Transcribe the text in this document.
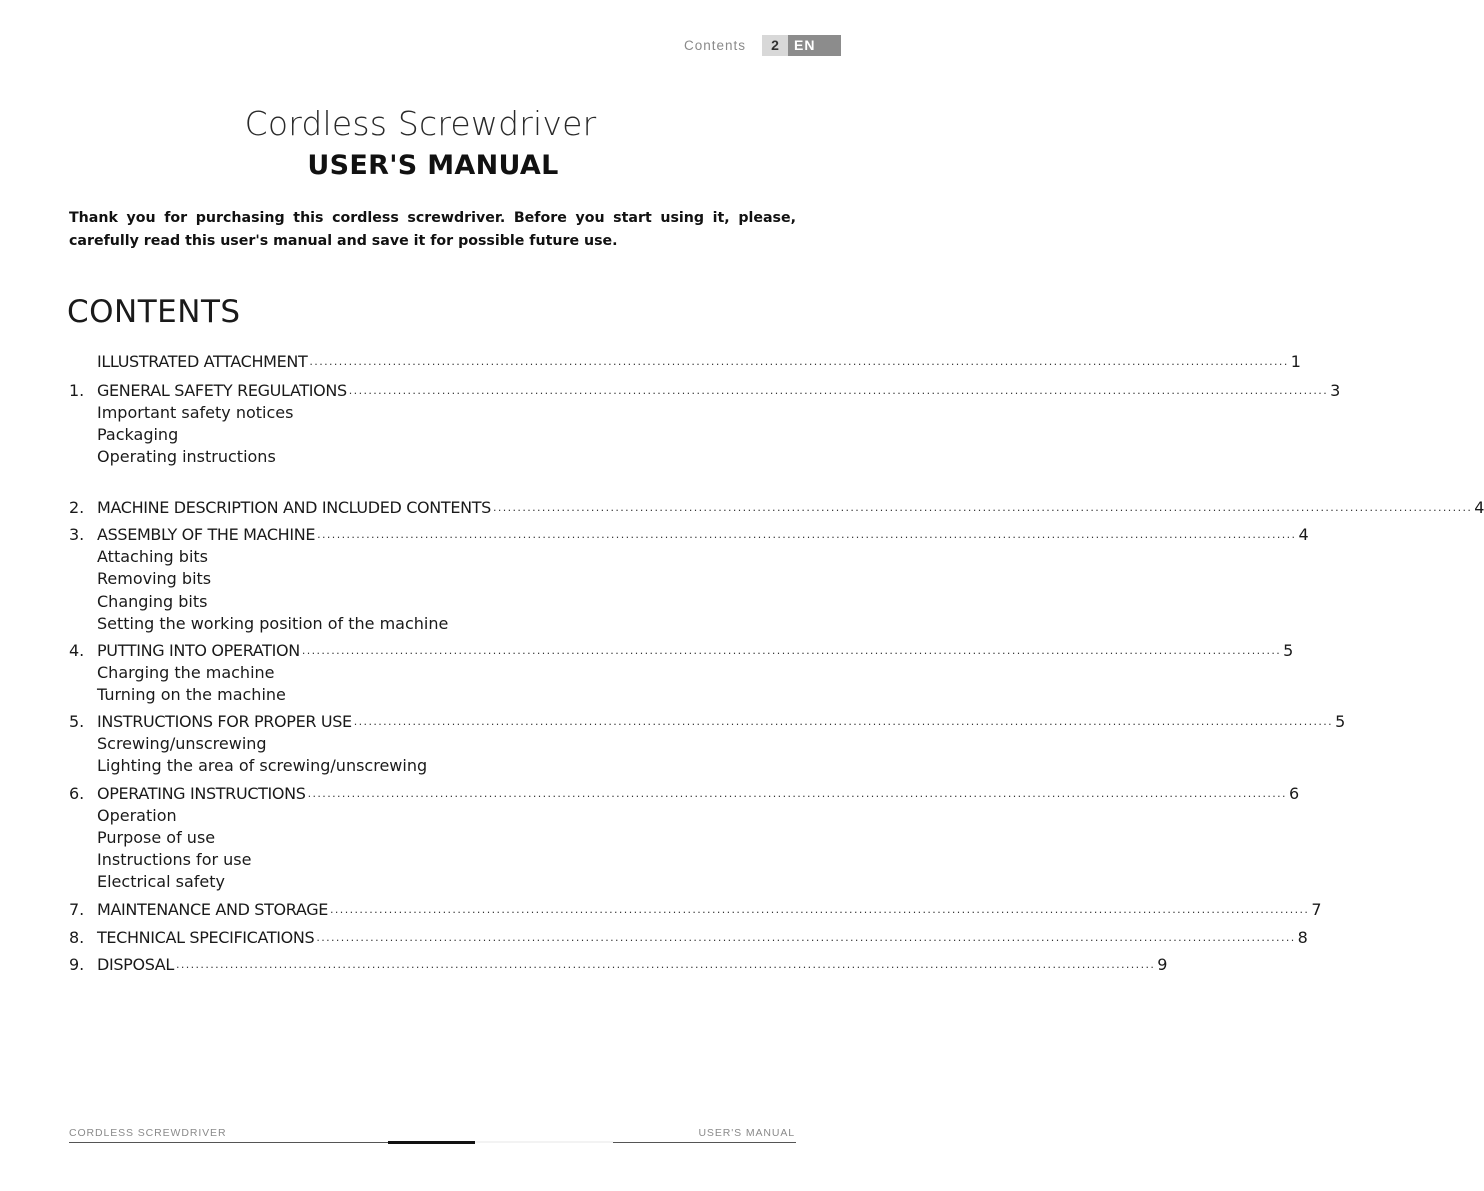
Contents	2	EN
Cordless Screwdriver
USER'S MANUAL
Thank you for purchasing this cordless screwdriver. Before you start using it, please, carefully read this user's manual and save it for possible future use.
CONTENTS
ILLUSTRATED ATTACHMENT ........................................................................................................................................................................................................ 1
1. GENERAL SAFETY REGULATIONS ........................................................................................................................................................................................................ 3
Important safety notices
Packaging
Operating instructions
2. MACHINE DESCRIPTION AND INCLUDED CONTENTS ........................................................................................................................................................................................................ 4
3. ASSEMBLY OF THE MACHINE ........................................................................................................................................................................................................ 4
Attaching bits
Removing bits
Changing bits
Setting the working position of the machine
4. PUTTING INTO OPERATION ........................................................................................................................................................................................................ 5
Charging the machine
Turning on the machine
5. INSTRUCTIONS FOR PROPER USE ........................................................................................................................................................................................................ 5
Screwing/unscrewing
Lighting the area of screwing/unscrewing
6. OPERATING INSTRUCTIONS ........................................................................................................................................................................................................ 6
Operation
Purpose of use
Instructions for use
Electrical safety
7. MAINTENANCE AND STORAGE ........................................................................................................................................................................................................ 7
8. TECHNICAL SPECIFICATIONS ........................................................................................................................................................................................................ 8
9. DISPOSAL ........................................................................................................................................................................................................ 9
CORDLESS SCREWDRIVER	USER'S MANUAL
